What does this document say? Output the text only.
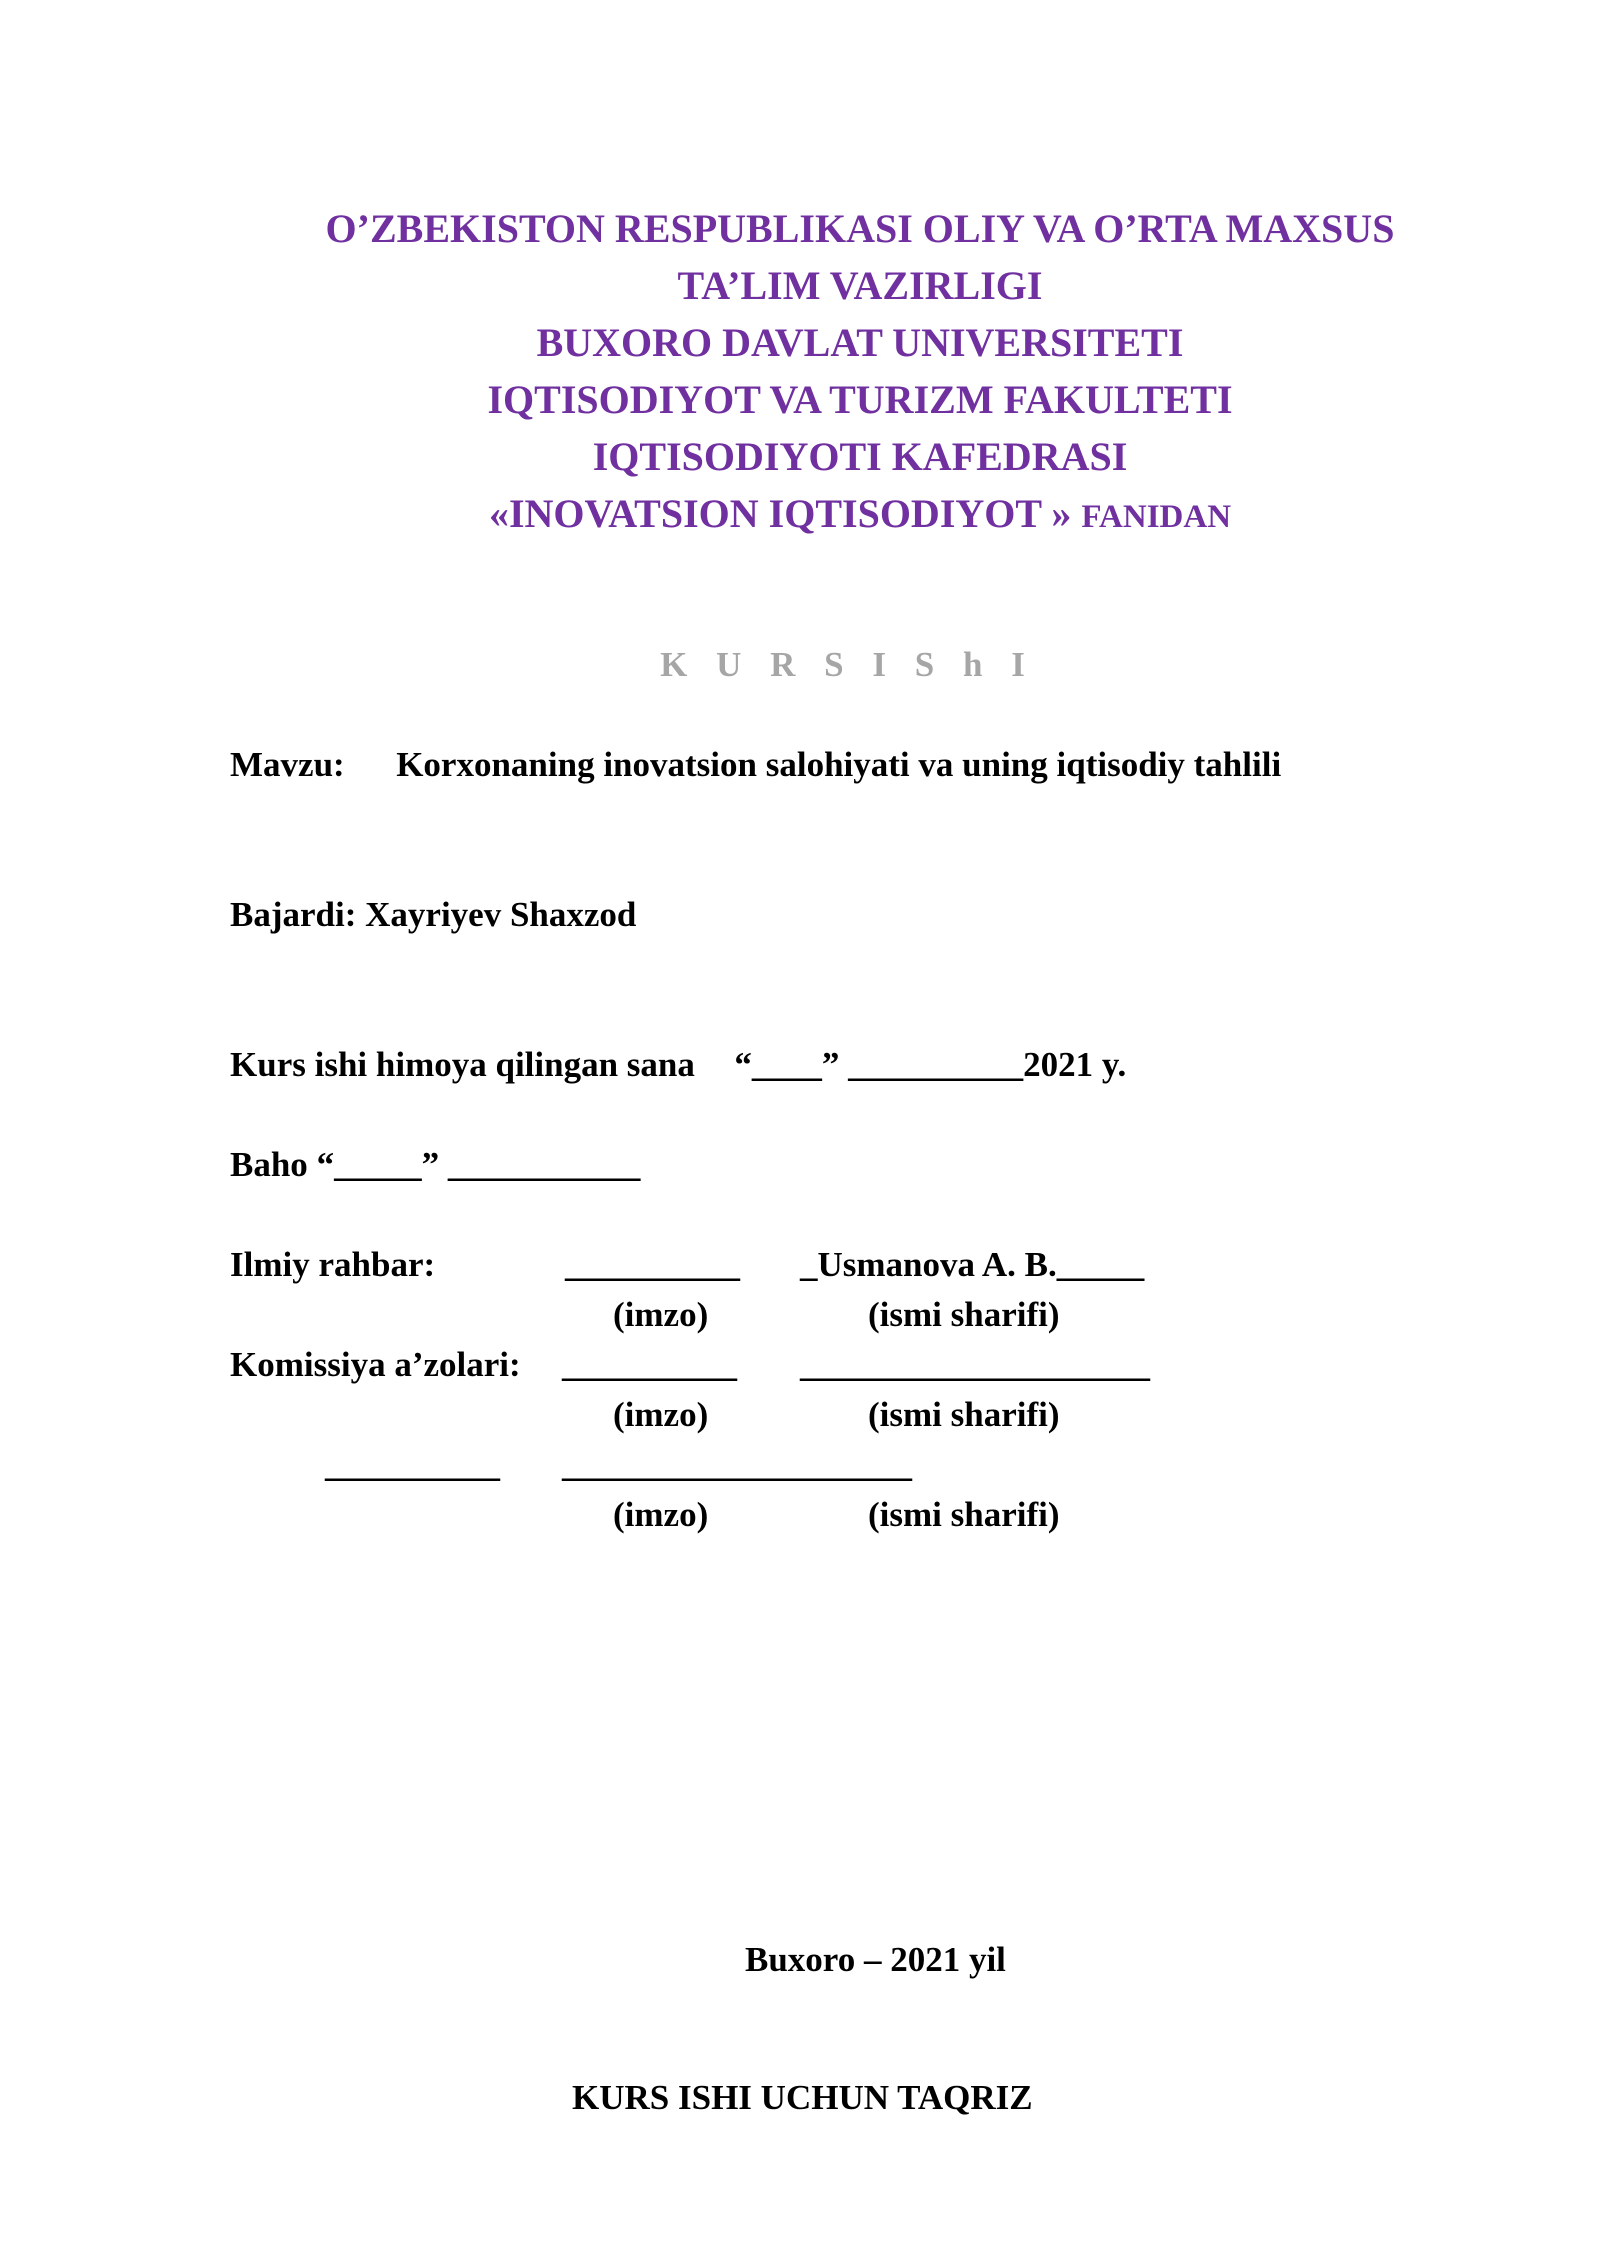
O’ZBEKISTON RESPUBLIKASI OLIY VA O’RTA MAXSUS
TA’LIM VAZIRLIGI
BUXORO DAVLAT UNIVERSITETI
IQTISODIYOT VA TURIZM FAKULTETI
IQTISODIYOTI KAFEDRASI
«INOVATSION IQTISODIYOT » FANIDAN
K U R S I S h I
Mavzu: Korxonaning inovatsion salohiyati va uning iqtisodiy tahlili
Bajardi: Xayriyev Shaxzod
Kurs ishi himoya qilingan sana “____” __________2021 y.
Baho “_____” ___________
Ilmiy rahbar:	__________ _Usmanova A. B._____
(imzo)	(ismi sharifi)
Komissiya a’zolari: __________ ____________________
(imzo)	(ismi sharifi)
__________ ____________________
(imzo)	(ismi sharifi)
Buxoro – 2021 yil
KURS ISHI UCHUN TAQRIZ
